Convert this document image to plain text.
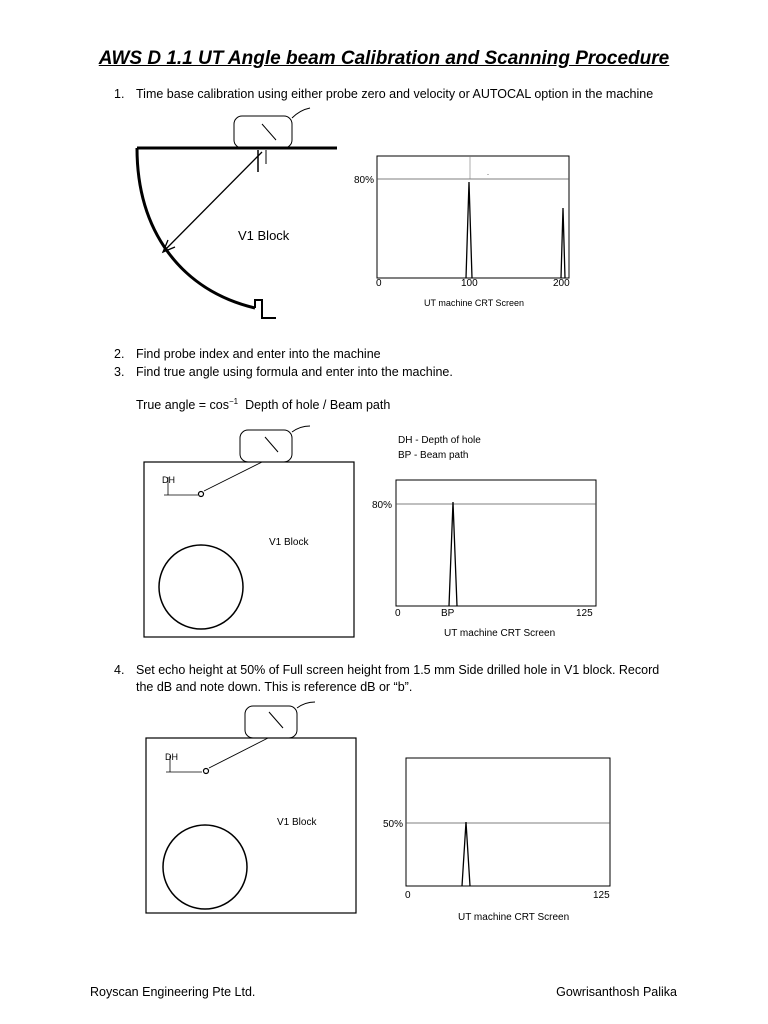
AWS D 1.1 UT Angle beam Calibration and Scanning Procedure
1. Time base calibration using either probe zero and velocity or AUTOCAL option in the machine
V1 Block
-
80%
0	100	200
UT machine CRT Screen
2. Find probe index and enter into the machine
3. Find true angle using formula and enter into the machine.
True angle = $\cos^{-1}$ Depth of hole / Beam path
DH
V1 Block
DH - Depth of hole
BP - Beam path
80%
0	BP	125
UT machine CRT Screen
4. Set echo height at 50% of Full screen height from 1.5 mm Side drilled hole in V1 block. Record
the dB and note down. This is reference dB or “b”.
DH
V1 Block	50%
0	125
UT machine CRT Screen
Royscan Engineering Pte Ltd.	Gowrisanthosh Palika
